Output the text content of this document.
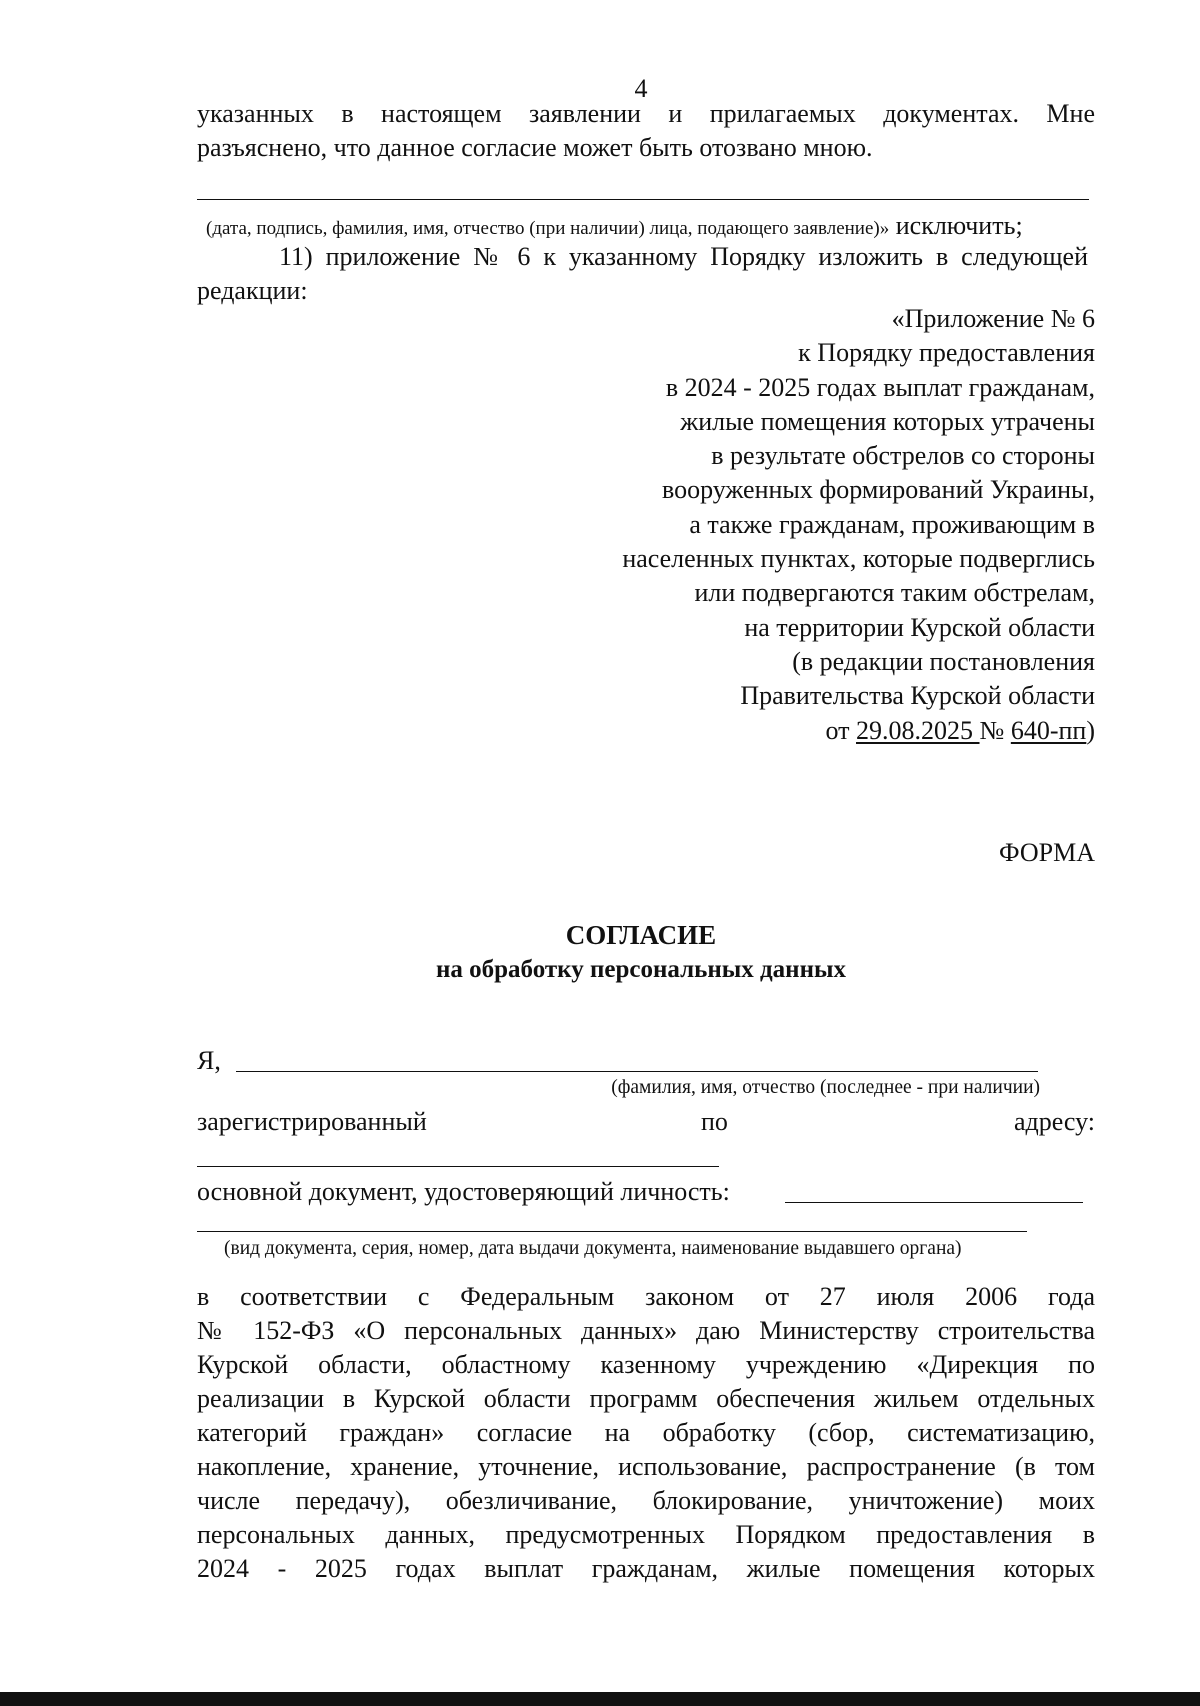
4
указанных в настоящем заявлении и прилагаемых документах. Мне
разъяснено, что данное согласие может быть отозвано мною.
(дата, подпись, фамилия, имя, отчество (при наличии) лица, подающего заявление)» исключить;
11) приложение № 6 к указанному Порядку изложить в следующей
редакции:
«Приложение № 6
к Порядку предоставления
в 2024 - 2025 годах выплат гражданам,
жилые помещения которых утрачены
в результате обстрелов со стороны
вооруженных формирований Украины,
а также гражданам, проживающим в
населенных пунктах, которые подверглись
или подвергаются таким обстрелам,
на территории Курской области
(в редакции постановления
Правительства Курской области
от 29.08.2025 № 640-пп)
ФОРМА
СОГЛАСИЕ
на обработку персональных данных
Я,
(фамилия, имя, отчество (последнее - при наличии)
зарегистрированный	по	адресу:
основной документ, удостоверяющий личность:
(вид документа, серия, номер, дата выдачи документа, наименование выдавшего органа)
в соответствии с Федеральным законом от 27 июля 2006 года
№ 152-ФЗ «О персональных данных» даю Министерству строительства
Курской области, областному казенному учреждению «Дирекция по
реализации в Курской области программ обеспечения жильем отдельных
категорий граждан» согласие на обработку (сбор, систематизацию,
накопление, хранение, уточнение, использование, распространение (в том
числе передачу), обезличивание, блокирование, уничтожение) моих
персональных данных, предусмотренных Порядком предоставления в
2024 - 2025 годах выплат гражданам, жилые помещения которых
